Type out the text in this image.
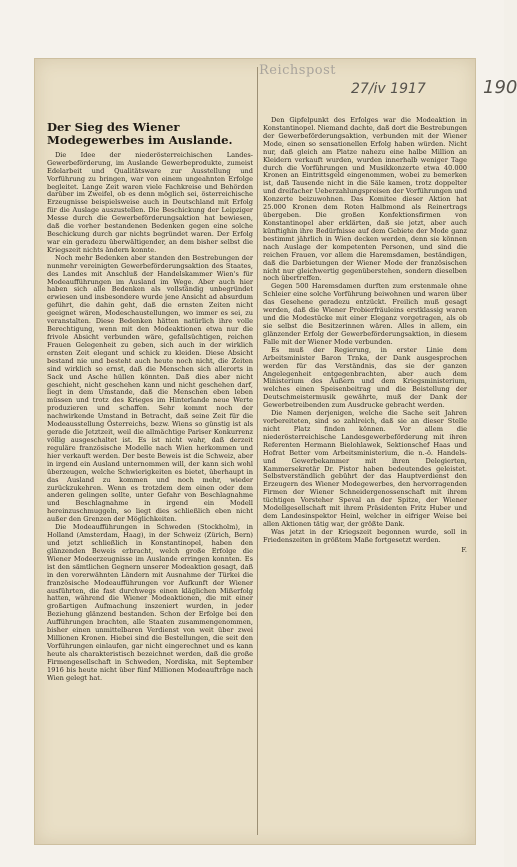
Reichspost
27/iv 1917	190
Der Sieg des Wiener Modegewerbes im Auslande.

Die Idee der niederösterreichischen Landes-Gewerbeförderung, im Auslande Gewerbeprodukte, zumeist Edelarbeit und Qualitätsware zur Ausstellung und Vorführung zu bringen, war von einem ungeahnten Erfolge begleitet. Lange Zeit waren viele Fachkreise und Behörden darüber im Zweifel, ob es denn möglich sei, österreichische Erzeugnisse beispielsweise auch in Deutschland mit Erfolg für die Auslage auszustellen. Die Beschickung der Leipziger Messe durch die Gewerbeförderungsaktion hat bewiesen, daß die vorher bestandenen Bedenken gegen eine solche Beschickung durch gar nichts begründet waren. Der Erfolg war ein geradezu überwältigender, an dem bisher selbst die Kriegszeit nichts ändern konnte.

Noch mehr Bedenken aber standen den Bestrebungen der nunmehr vereinigten Gewerbeförderungsaktion des Staates, des Landes mit Anschluß der Handelskammer Wien's für Modeaufführungen im Ausland im Wege. Aber auch hier haben sich alle Bedenken als vollständig unbegründet erwiesen und insbesondere wurde jene Ansicht ad absurdum geführt, die dahin geht, daß die ernsten Zeiten nicht geeignet wären, Modeschaustellungen, wo immer es sei, zu veranstalten. Diese Bedenken hätten natürlich ihre volle Berechtigung, wenn mit den Modeaktionen etwa nur die frivole Absicht verbunden wäre, gefallsüchtigen, reichen Frauen Gelegenheit zu geben, sich auch in der wirklich ernsten Zeit elegant und schick zu kleiden. Diese Absicht bestand nie und besteht auch heute noch nicht, die Zeiten sind wirklich so ernst, daß die Menschen sich allerorts in Sack und Asche hüllen könnten. Daß dies aber nicht geschieht, nicht geschehen kann und nicht geschehen darf, liegt in dem Umstande, daß die Menschen eben leben müssen und trotz des Krieges im Hinterlande neue Werte produzieren und schaffen. Sehr kommt noch der nachwirkende Umstand in Betracht, daß seine Zeit für die Modeausstellung Österreichs, bezw. Wiens so günstig ist als gerade die Jetztzeit, weil die allmächtige Pariser Konkurrenz völlig ausgeschaltet ist. Es ist nicht wahr, daß derzeit reguläre französische Modelle nach Wien herkommen und hier verkauft werden. Der beste Beweis ist die Schweiz, aber in irgend ein Ausland unternommen will, der kann sich wohl überzeugen, welche Schwierigkeiten es bietet, überhaupt in das Ausland zu kommen und noch mehr, wieder zurückzukehren. Wenn es trotzdem dem einen oder dem anderen gelingen sollte, unter Gefahr von Beschlagnahme und Beschlagnahme in irgend ein Modell hereinzuschmuggeln, so liegt dies schließlich eben nicht außer den Grenzen der Möglichkeiten.

Die Modeaufführungen in Schweden (Stockholm), in Holland (Amsterdam, Haag), in der Schweiz (Zürich, Bern) und jetzt schließlich in Konstantinopel, haben den glänzenden Beweis erbracht, welch große Erfolge die Wiener Modeerzeugnisse im Auslande erringen konnten. Es ist den sämtlichen Gegnern unserer Modeaktion gesagt, daß in den vorerwähnten Ländern mit Ausnahme der Türkei die französische Modeaufführungen vor Aufkunft der Wiener ausführten, die fast durchwegs einen kläglichen Mißerfolg hatten, während die Wiener Modeaktionen, die mit einer großartigen Aufmachung inszeniert wurden, in jeder Beziehung glänzend bestanden. Schon der Erfolge bei den Aufführungen brachten, alle Staaten zusammengenommen, bisher einen unmittelbaren Verdienst von weit über zwei Millionen Kronen. Hiebei sind die Bestellungen, die seit den Vorführungen einlaufen, gar nicht eingerechnet und es kann heute als charakteristisch bezeichnet werden, daß die große Firmengesellschaft in Schweden, Nordiska, mit September 1916 bis heute nicht über fünf Millionen Modeaufträge nach Wien gelegt hat.

Den Gipfelpunkt des Erfolges war die Modeaktion in Konstantinopel. Niemand dachte, daß dort die Bestrebungen der Gewerbeförderungsaktion, verbunden mit der Wiener Mode, einen so sensationellen Erfolg haben würden. Nicht nur, daß gleich am Platze nahezu eine halbe Million an Kleidern verkauft wurden, wurden innerhalb weniger Tage durch die Vorführungen und Musikkonzerte etwa 40.000 Kronen an Eintrittsgeld eingenommen, wobei zu bemerken ist, daß Tausende nicht in die Säle kamen, trotz doppelter und dreifacher Ueberzahlungspreisen der Vorführungen und Konzerte beizuwohnen. Das Komitee dieser Aktion hat 25.000 Kronen dem Roten Halbmond als Reinertrags übergeben. Die großen Konfektionsfirmen von Konstantinopel aber erklärten, daß sie jetzt, aber auch künftighin ihre Bedürfnisse auf dem Gebiete der Mode ganz bestimmt jährlich in Wien decken werden, denn sie können nach Auslage der kompetenten Personen, und sind die reichen Frauen, vor allem die Haremsdamen, beständigen, daß die Darbietungen der Wiener Mode der französischen nicht nur gleichwertig gegenüberstehen, sondern dieselben noch übertreffen.

Gegen 500 Haremsdamen durften zum erstenmale ohne Schleier eine solche Vorführung beiwohnen und waren über das Gesehene geradezu entzückt. Freilich muß gesagt werden, daß die Wiener Probierfräuleins erstklassig waren und die Modestücke mit einer Eleganz vorgetragen, als ob sie selbst die Besitzerinnen wären. Alles in allem, ein glänzender Erfolg der Gewerbeförderungsaktion, in diesem Falle mit der Wiener Mode verbunden.

Es muß der Regierung, in erster Linie dem Arbeitsminister Baron Trnka, der Dank ausgesprochen werden für das Verständnis, das sie der ganzen Angelegenheit entgegenbrachten, aber auch dem Ministerium des Äußern und dem Kriegsministerium, welches einen Speisenbeitrag und die Beistellung der Deutschmeistermusik gewährte, muß der Dank der Gewerbetreibenden zum Ausdrucke gebracht werden.

Die Namen derjenigen, welche die Sache seit Jahren vorbereiteten, sind so zahlreich, daß sie an dieser Stelle nicht Platz finden können. Vor allem die niederösterreichische Landesgewerbeförderung mit ihren Referenten Hermann Bielohlawek, Sektionschef Haas und Hofrat Better vom Arbeitsministerium, die n.-ö. Handels- und Gewerbekammer mit ihren Delegierten, Kammersekretär Dr. Pistor haben bedeutendes geleistet. Selbstverständlich gebührt der das Hauptverdienst den Erzeugern des Wiener Modegewerbes, den hervorragenden Firmen der Wiener Schneidergenossenschaft mit ihrem tüchtigen Vorsteher Speval an der Spitze, der Wiener Modellgesellschaft mit ihrem Präsidenten Fritz Huber und dem Landesinspektor Heinl, welcher in eifriger Weise bei allen Aktionen tätig war, der größte Dank.

Was jetzt in der Kriegszeit begonnen wurde, soll in Friedenszeiten in größtem Maße fortgesetzt werden.

F.
